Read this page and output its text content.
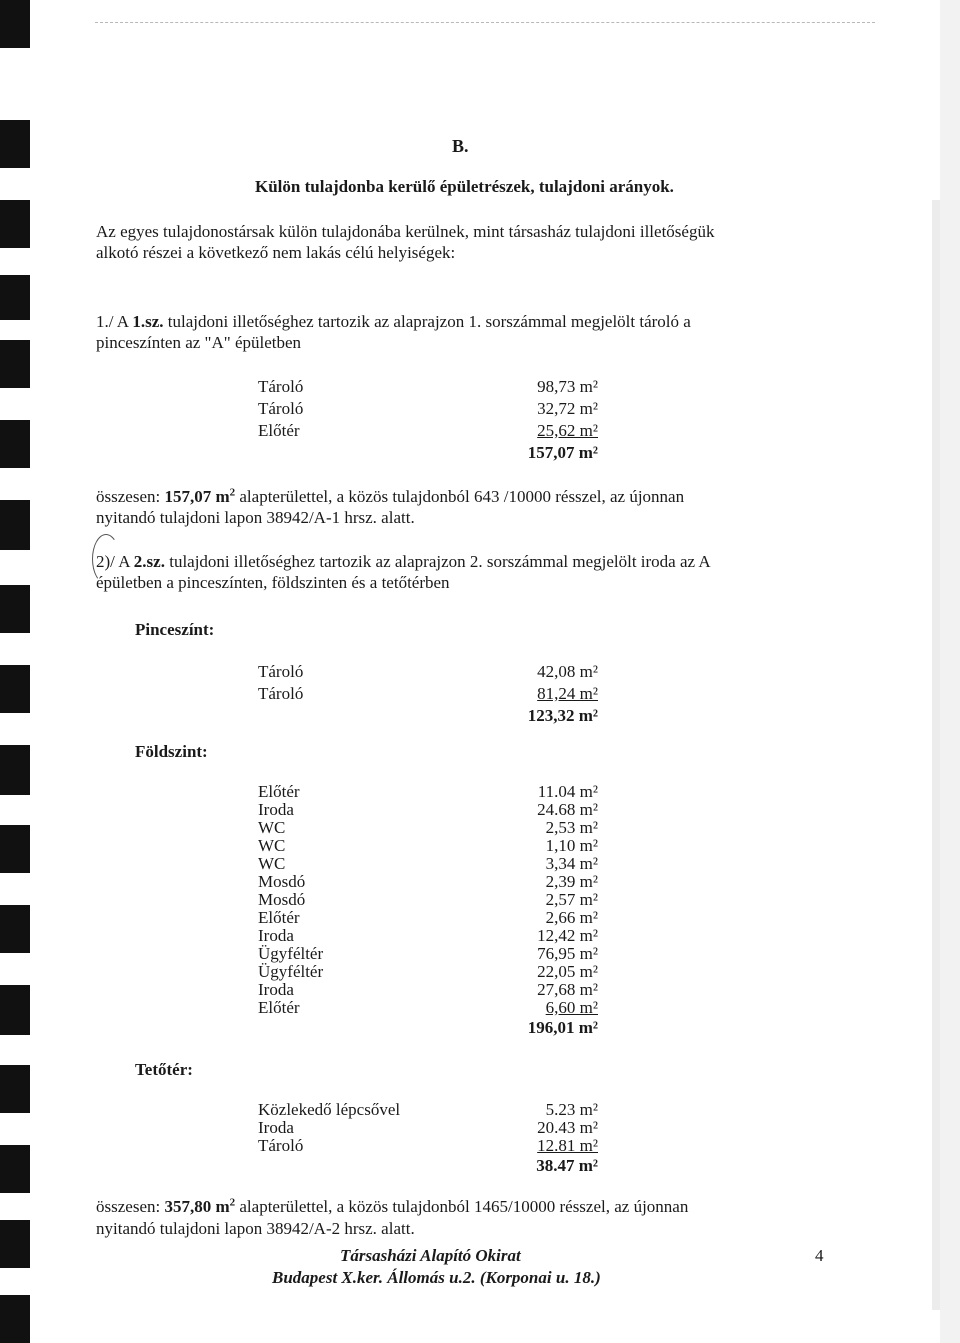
B.
Külön tulajdonba kerülő épületrészek, tulajdoni arányok.
Az egyes tulajdonostársak külön tulajdonába kerülnek, mint társasház tulajdoni illetőségük
alkotó részei a következő nem lakás célú helyiségek:
1./ A 1.sz. tulajdoni illetőséghez tartozik az alaprajzon 1. sorszámmal megjelölt tároló a
pinceszínten az "A" épületben
Tároló	98,73 m²
Tároló	32,72 m²
Előtér	25,62 m²
157,07 m²
összesen: 157,07 $m^2$ alapterülettel, a közös tulajdonból 643 /10000 résszel, az újonnan
nyitandó tulajdoni lapon 38942/A-1 hrsz. alatt.
2)/ A 2.sz. tulajdoni illetőséghez tartozik az alaprajzon 2. sorszámmal megjelölt iroda az A
épületben a pinceszínten, földszinten és a tetőtérben
Pinceszínt:
Tároló	42,08 m²
Tároló	81,24 m²
123,32 m²
Földszint:
Előtér	11.04 m²
Iroda	24.68 m²
WC	2,53 m²
WC	1,10 m²
WC	3,34 m²
Mosdó	2,39 m²
Mosdó	2,57 m²
Előtér	2,66 m²
Iroda	12,42 m²
Ügyféltér	76,95 m²
Ügyféltér	22,05 m²
Iroda	27,68 m²
Előtér	6,60 m²
196,01 m²
Tetőtér:
Közlekedő lépcsővel	5.23 m²
Iroda	20.43 m²
Tároló	12.81 m²
38.47 m²
összesen: 357,80 $m^2$ alapterülettel, a közös tulajdonból 1465/10000 résszel, az újonnan
nyitandó tulajdoni lapon 38942/A-2 hrsz. alatt.
Társasházi Alapító Okirat
Budapest X.ker. Állomás u.2. (Korponai u. 18.)
4
